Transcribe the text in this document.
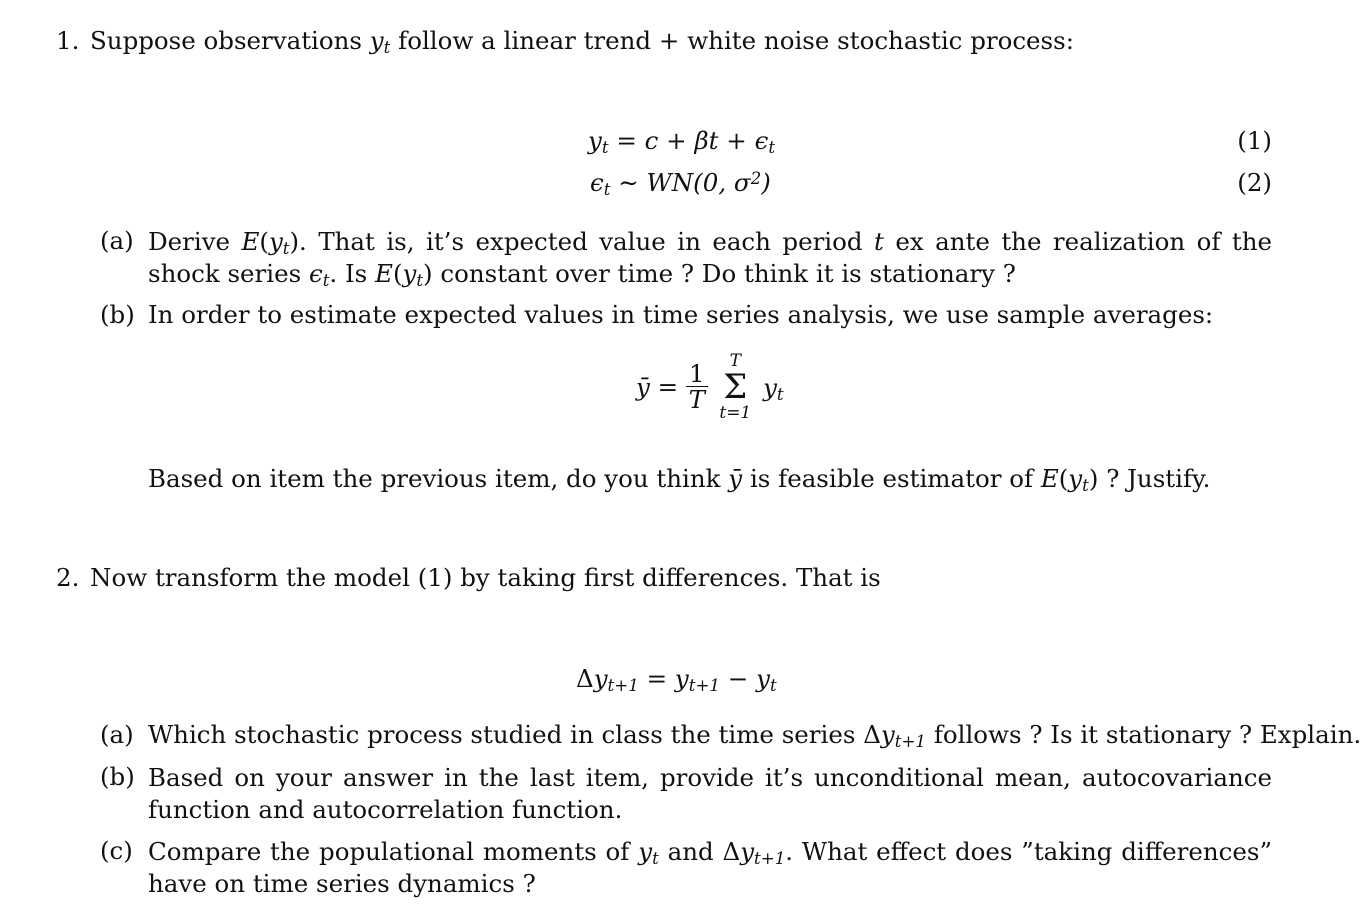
1. Suppose observations $y_t$ follow a linear trend + white noise stochastic process:
$y_t = c + \beta t + \epsilon_t$	(1)
$\epsilon_t$ ∼ WN(0, $\sigma^2$)	(2)
(a) Derive $E(y_t)$. That is, it’s expected value in each period t ex ante the realization of the shock series $\epsilon_t$. Is $E(y_t)$ constant over time ? Do think it is stationary ?
(b) In order to estimate expected values in time series analysis, we use sample averages:
ȳ = $\frac{1}{T}$

T
Σ
t=1
$y_t$
Based on item the previous item, do you think ȳ is feasible estimator of $E(y_t)$ ? Justify.
2. Now transform the model (1) by taking first differences. That is
$\Delta y_{t+1} = y_{t+1} - y_t$
(a) Which stochastic process studied in class the time series $\Delta y_{t+1}$ follows ? Is it stationary ? Explain.
(b) Based on your answer in the last item, provide it’s unconditional mean, autocovariance function and autocorrelation function.
(c) Compare the populational moments of $y_t$ and $\Delta y_{t+1}$. What effect does ”taking differences” have on time series dynamics ?
